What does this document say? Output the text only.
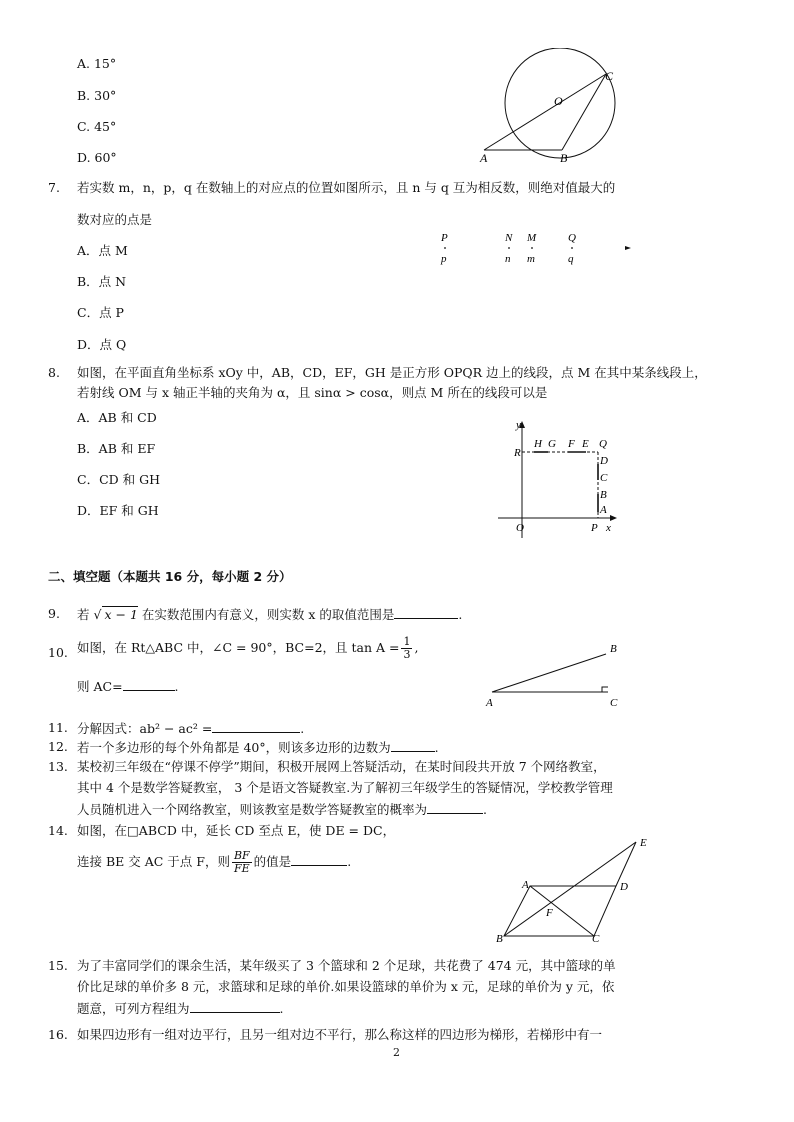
A. 15°
B. 30°
C. 45°
D. 60°
O
C
A	B
7. 若实数 m，n，p，q 在数轴上的对应点的位置如图所示，且 n 与 q 互为相反数，则绝对值最大的
数对应的点是
A．点 M
B．点 N
C．点 P
D．点 Q
P	N M	Q
p	n m	q
8. 如图，在平面直角坐标系 xOy 中，AB，CD，EF，GH 是正方形 OPQR 边上的线段，点 M 在其中某条线段上，
若射线 OM 与 x 轴正半轴的夹角为 α，且 sinα > cosα，则点 M 所在的线段可以是
A．AB 和 CD
B．AB 和 EF
C．CD 和 GH
D．EF 和 GH
y
H G F E Q
R
D
C
B
A
O	P x
二、填空题（本题共 16 分，每小题 2 分）
9. 若 √ x − 1 在实数范围内有意义，则实数 x 的取值范围是	.
10. 如图，在 Rt△ABC 中，∠C = 90°，BC=2，且 $\tan A = \frac{1}{3}$ ,
则 AC=	.
B
A	C
11. 分解因式：ab² − ac² =	.
12. 若一个多边形的每个外角都是 40°，则该多边形的边数为	.
13. 某校初三年级在“停课不停学”期间，积极开展网上答疑活动，在某时间段共开放 7 个网络教室，
其中 4 个是数学答疑教室， 3 个是语文答疑教室.为了解初三年级学生的答疑情况，学校教学管理
人员随机进入一个网络教室，则该教室是数学答疑教室的概率为	.
14. 如图，在□ABCD 中，延长 CD 至点 E，使 DE = DC，
连接 BE 交 AC 于点 F，则 $\frac{BF}{FE}$ 的值是	.
E
A	D
F
B	C
15. 为了丰富同学们的课余生活，某年级买了 3 个篮球和 2 个足球，共花费了 474 元，其中篮球的单
价比足球的单价多 8 元，求篮球和足球的单价.如果设篮球的单价为 x 元，足球的单价为 y 元，依
题意，可列方程组为	.
16. 如果四边形有一组对边平行，且另一组对边不平行，那么称这样的四边形为梯形，若梯形中有一
2
